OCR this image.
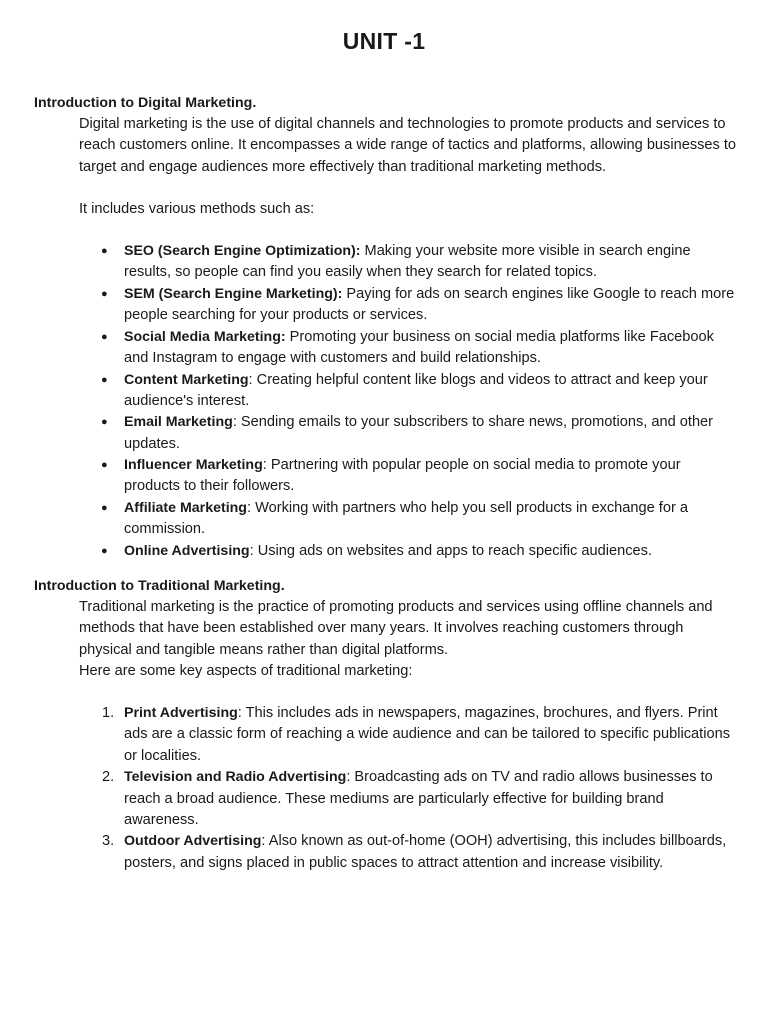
UNIT -1

Introduction to Digital Marketing.

Digital marketing is the use of digital channels and technologies to promote products and services to reach customers online. It encompasses a wide range of tactics and platforms, allowing businesses to target and engage audiences more effectively than traditional marketing methods.

It includes various methods such as:

● SEO (Search Engine Optimization): Making your website more visible in search engine results, so people can find you easily when they search for related topics.
● SEM (Search Engine Marketing): Paying for ads on search engines like Google to reach more people searching for your products or services.
● Social Media Marketing: Promoting your business on social media platforms like Facebook and Instagram to engage with customers and build relationships.
● Content Marketing: Creating helpful content like blogs and videos to attract and keep your audience's interest.
● Email Marketing: Sending emails to your subscribers to share news, promotions, and other updates.
● Influencer Marketing: Partnering with popular people on social media to promote your products to their followers.
● Affiliate Marketing: Working with partners who help you sell products in exchange for a commission.
● Online Advertising: Using ads on websites and apps to reach specific audiences.

Introduction to Traditional Marketing.

Traditional marketing is the practice of promoting products and services using offline channels and methods that have been established over many years. It involves reaching customers through physical and tangible means rather than digital platforms.

Here are some key aspects of traditional marketing:

1. Print Advertising: This includes ads in newspapers, magazines, brochures, and flyers. Print ads are a classic form of reaching a wide audience and can be tailored to specific publications or localities.
2. Television and Radio Advertising: Broadcasting ads on TV and radio allows businesses to reach a broad audience. These mediums are particularly effective for building brand awareness.
3. Outdoor Advertising: Also known as out-of-home (OOH) advertising, this includes billboards, posters, and signs placed in public spaces to attract attention and increase visibility.
